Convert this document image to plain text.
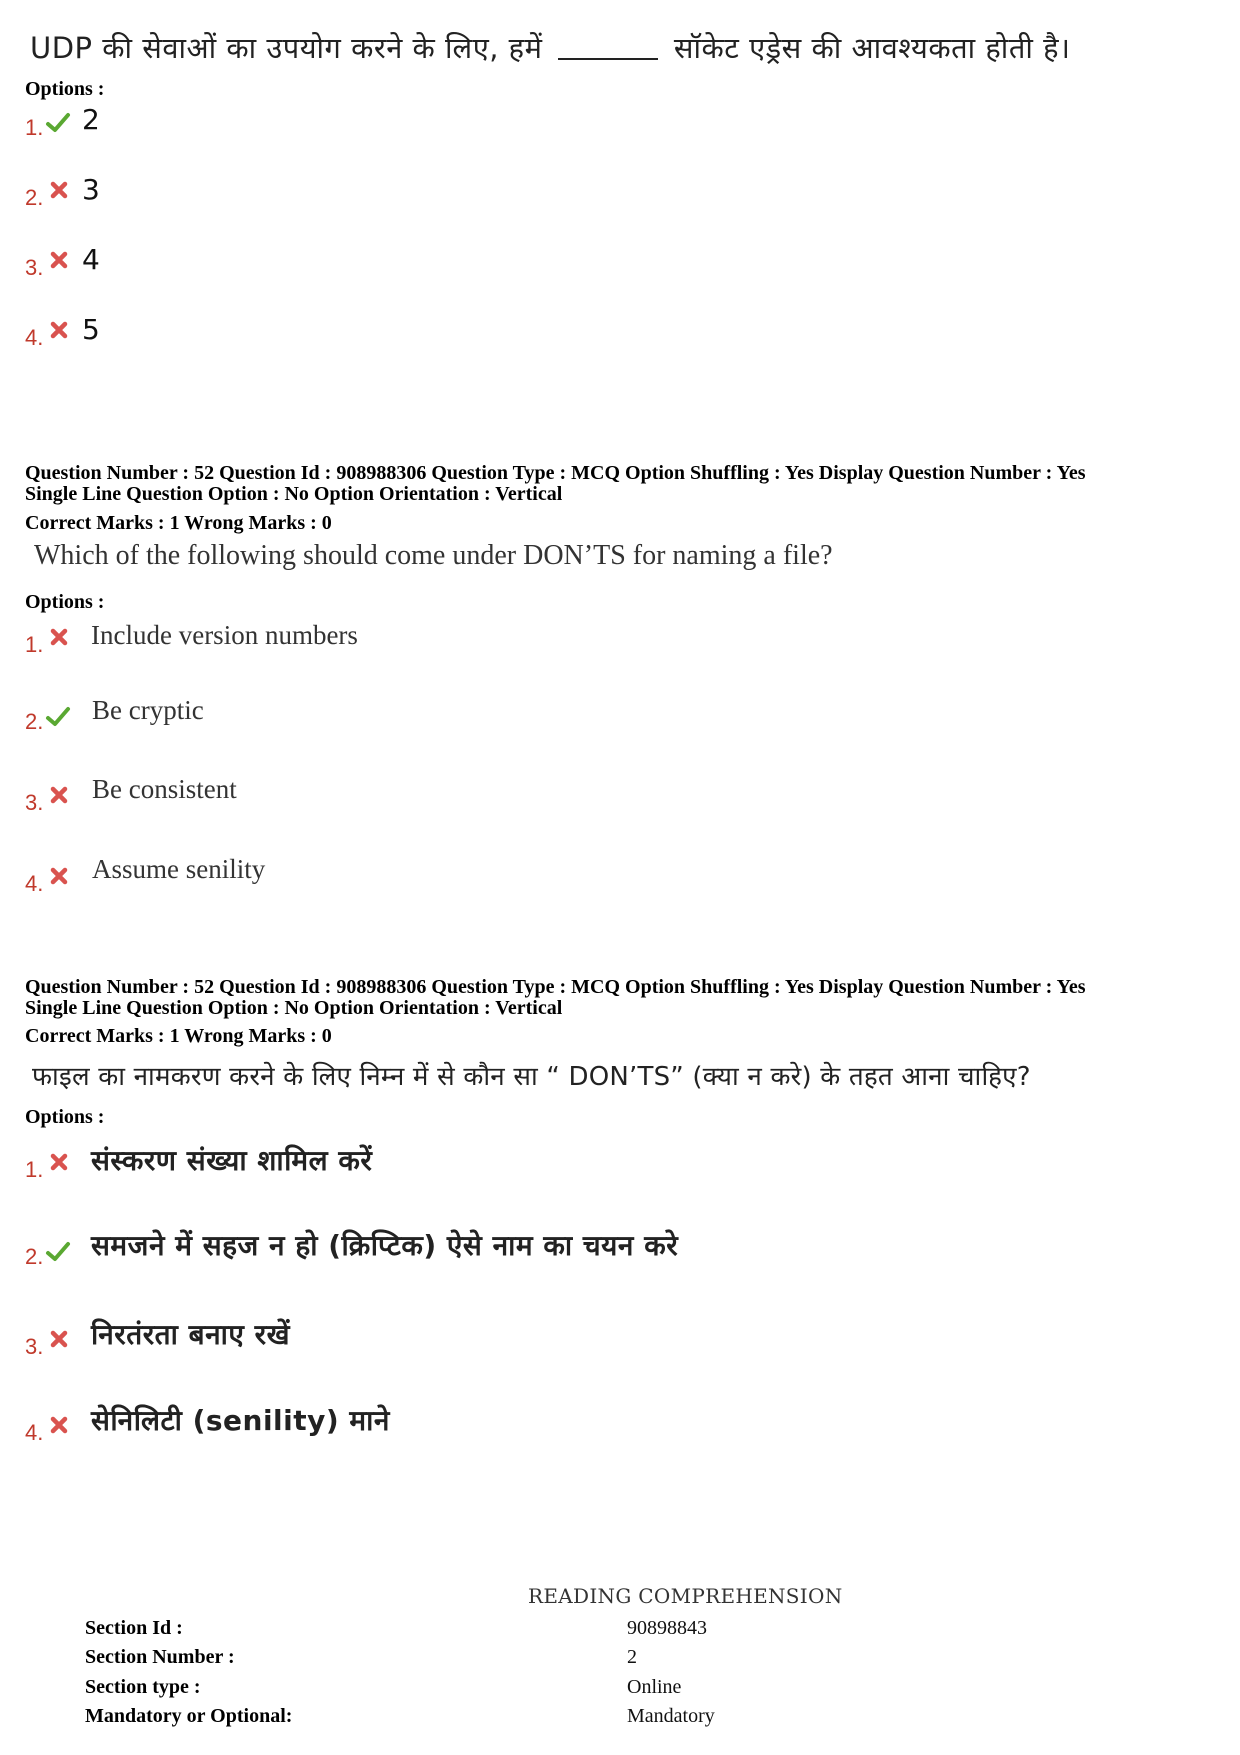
UDP की सेवाओं का उपयोग करने के लिए, हमें	सॉकेट एड्रेस की आवश्यकता होती है।
Options :
1. 2
2. 3
3. 4
4. 5
Question Number : 52 Question Id : 908988306 Question Type : MCQ Option Shuffling : Yes Display Question Number : Yes
Single Line Question Option : No Option Orientation : Vertical
Correct Marks : 1 Wrong Marks : 0
Which of the following should come under DON’TS for naming a file?
Options :
1. Include version numbers
2. Be cryptic
3. Be consistent
4. Assume senility
Question Number : 52 Question Id : 908988306 Question Type : MCQ Option Shuffling : Yes Display Question Number : Yes
Single Line Question Option : No Option Orientation : Vertical
Correct Marks : 1 Wrong Marks : 0
फाइल का नामकरण करने के लिए निम्न में से कौन सा “ DON’TS” (क्या न करे) के तहत आना चाहिए?
Options :
1. संस्करण संख्या शामिल करें
2. समजने में सहज न हो (क्रिप्टिक) ऐसे नाम का चयन करे
3. निरतंरता बनाए रखें
4. सेनिलिटी (senility) माने
READING COMPREHENSION
Section Id :	90898843
Section Number :	2
Section type :	Online
Mandatory or Optional:	Mandatory
